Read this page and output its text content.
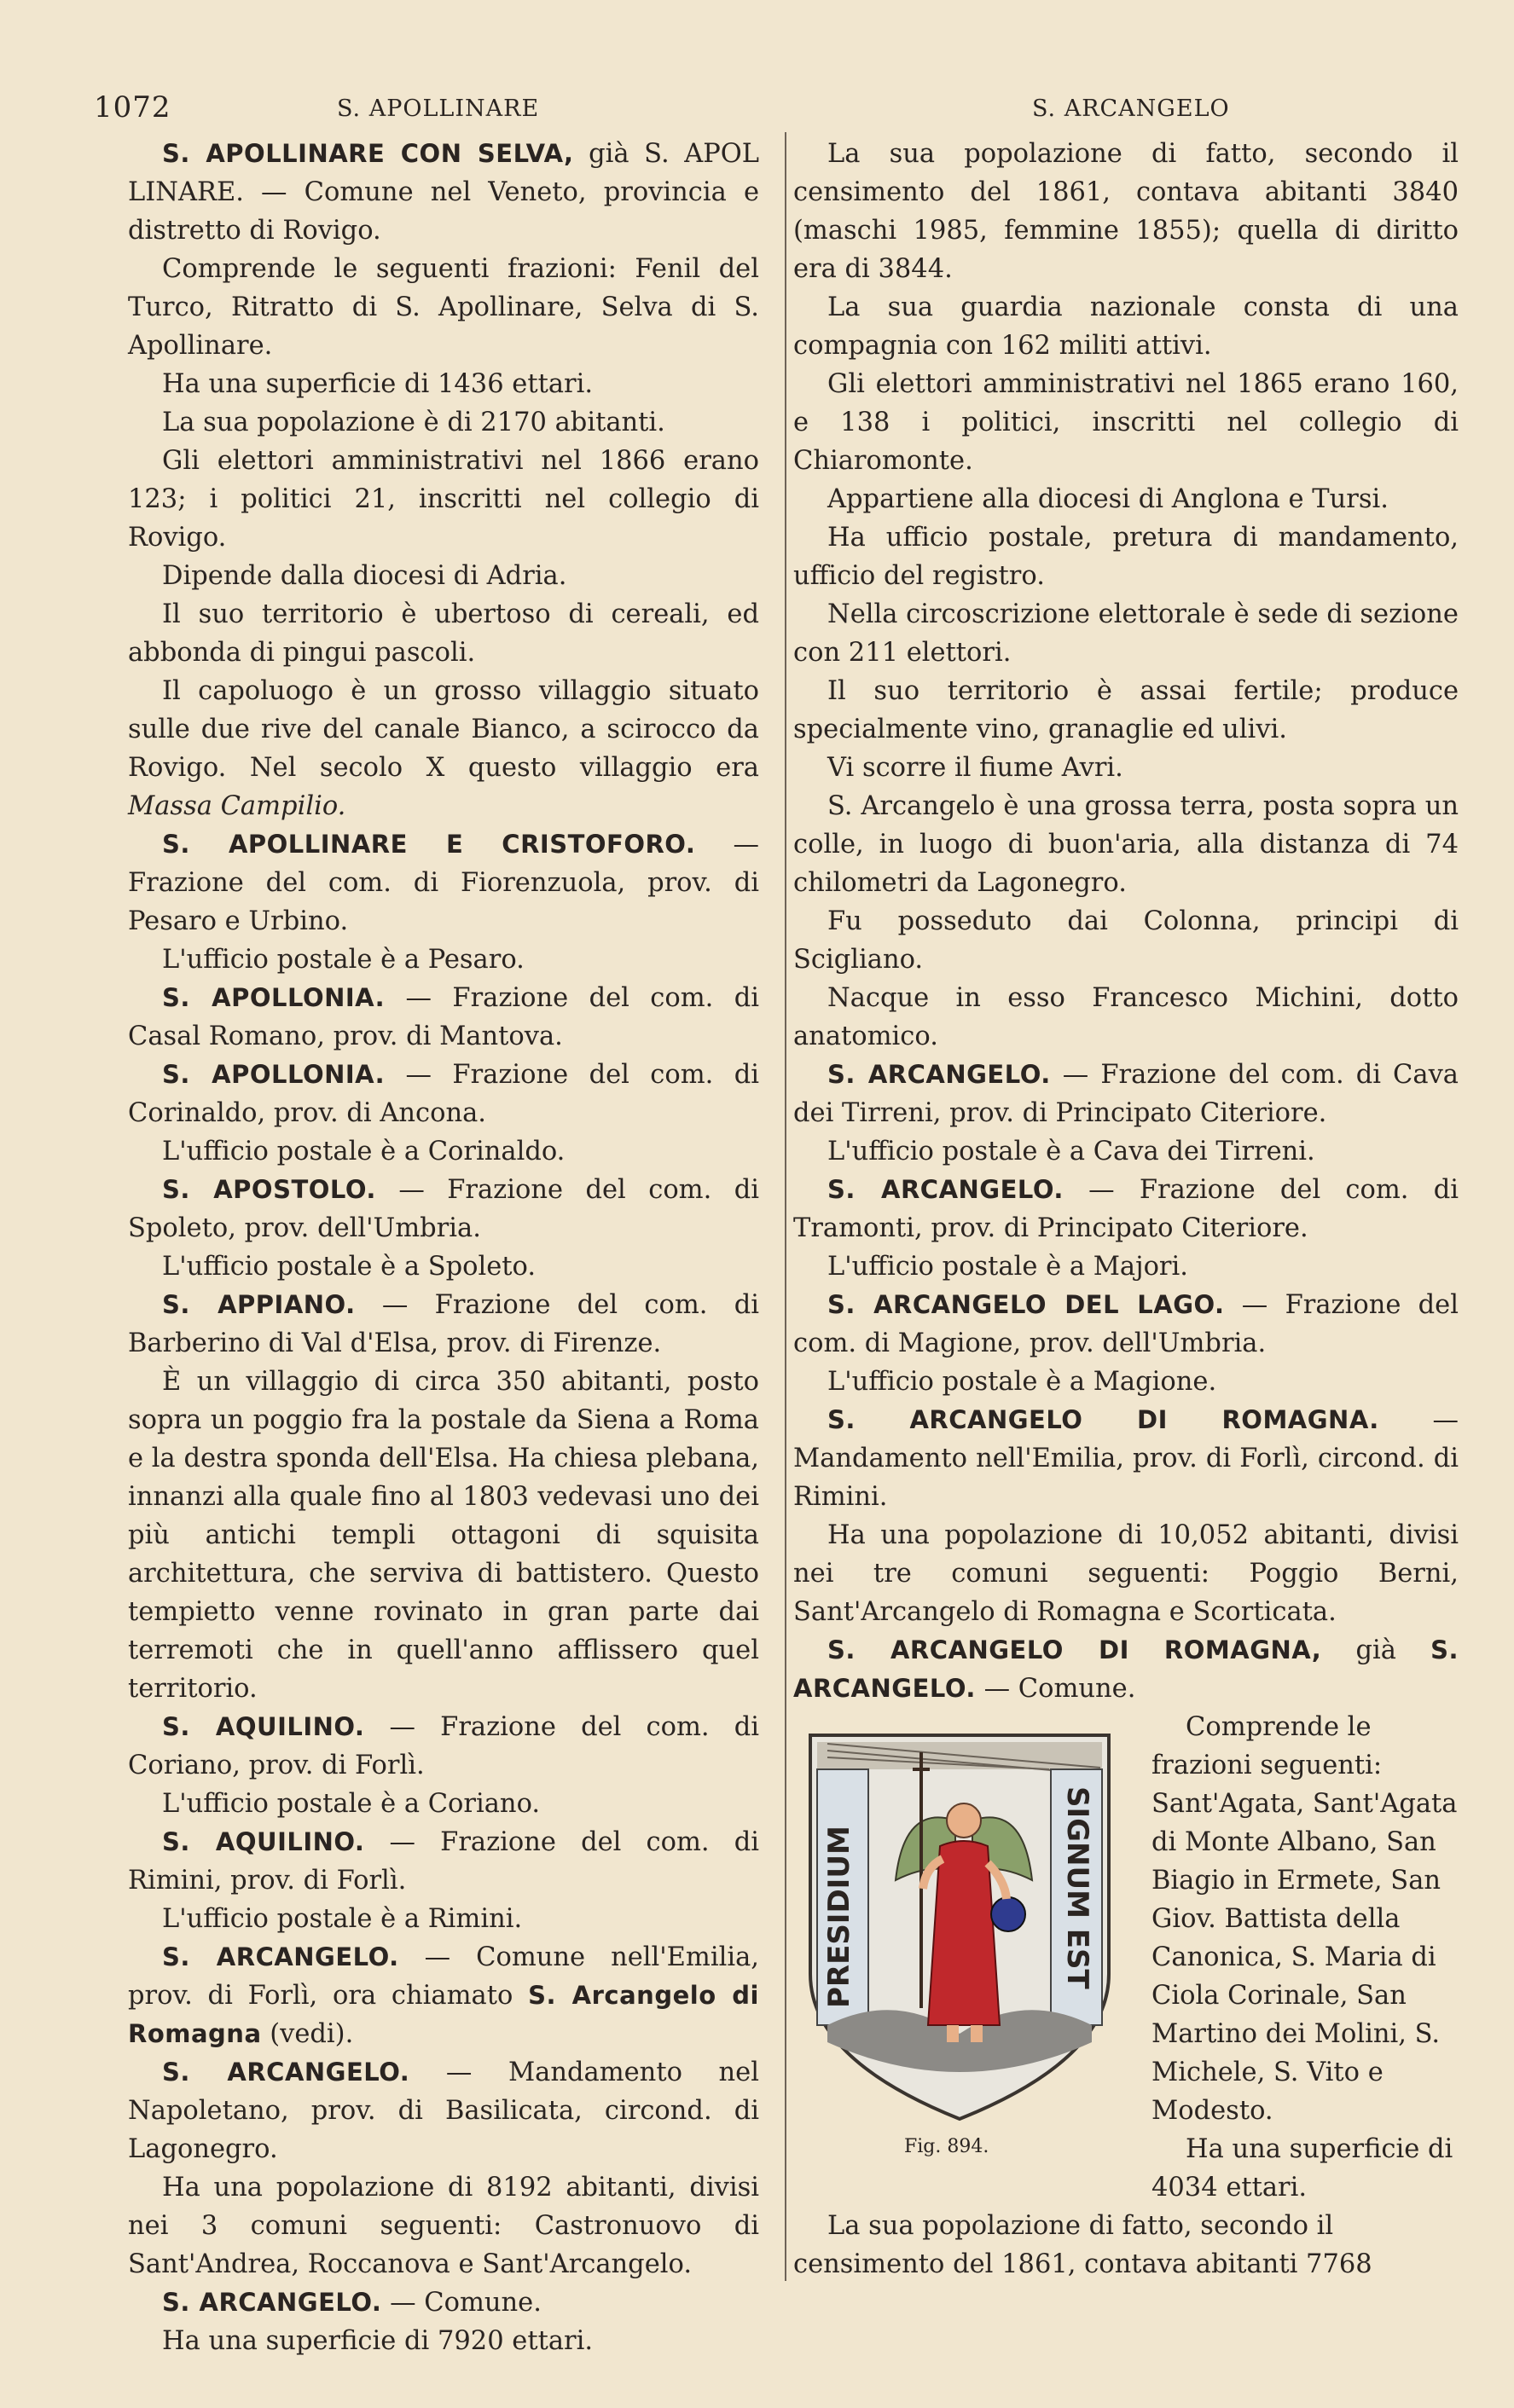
1072	S. APOLLINARE	S. ARCANGELO

S. APOLLINARE CON SELVA, già S. APOL LINARE. — Comune nel Veneto, provincia e distretto di Rovigo.

Comprende le seguenti frazioni: Fenil del Turco, Ritratto di S. Apollinare, Selva di S. Apollinare.

Ha una superficie di 1436 ettari.

La sua popolazione è di 2170 abitanti.

Gli elettori amministrativi nel 1866 erano 123; i politici 21, inscritti nel collegio di Rovigo.

Dipende dalla diocesi di Adria.

Il suo territorio è ubertoso di cereali, ed abbonda di pingui pascoli.

Il capoluogo è un grosso villaggio situato sulle due rive del canale Bianco, a scirocco da Rovigo. Nel secolo X questo villaggio era Massa Campilio.

S. APOLLINARE E CRISTOFORO. — Frazione del com. di Fiorenzuola, prov. di Pesaro e Urbino.

L'ufficio postale è a Pesaro.

S. APOLLONIA. — Frazione del com. di Casal Romano, prov. di Mantova.

S. APOLLONIA. — Frazione del com. di Corinaldo, prov. di Ancona.

L'ufficio postale è a Corinaldo.

S. APOSTOLO. — Frazione del com. di Spoleto, prov. dell'Umbria.

L'ufficio postale è a Spoleto.

S. APPIANO. — Frazione del com. di Barberino di Val d'Elsa, prov. di Firenze.

È un villaggio di circa 350 abitanti, posto sopra un poggio fra la postale da Siena a Roma e la destra sponda dell'Elsa. Ha chiesa plebana, innanzi alla quale fino al 1803 vedevasi uno dei più antichi templi ottagoni di squisita architettura, che serviva di battistero. Questo tempietto venne rovinato in gran parte dai terremoti che in quell'anno afflissero quel territorio.

S. AQUILINO. — Frazione del com. di Coriano, prov. di Forlì.

L'ufficio postale è a Coriano.

S. AQUILINO. — Frazione del com. di Rimini, prov. di Forlì.

L'ufficio postale è a Rimini.

S. ARCANGELO. — Comune nell'Emilia, prov. di Forlì, ora chiamato S. Arcangelo di Romagna (vedi).

S. ARCANGELO. — Mandamento nel Napoletano, prov. di Basilicata, circond. di Lagonegro.

Ha una popolazione di 8192 abitanti, divisi nei 3 comuni seguenti: Castronuovo di Sant'Andrea, Roccanova e Sant'Arcangelo.

S. ARCANGELO. — Comune.

Ha una superficie di 7920 ettari.

La sua popolazione di fatto, secondo il censimento del 1861, contava abitanti 3840 (maschi 1985, femmine 1855); quella di diritto era di 3844.

La sua guardia nazionale consta di una compagnia con 162 militi attivi.

Gli elettori amministrativi nel 1865 erano 160, e 138 i politici, inscritti nel collegio di Chiaromonte.

Appartiene alla diocesi di Anglona e Tursi.

Ha ufficio postale, pretura di mandamento, ufficio del registro.

Nella circoscrizione elettorale è sede di sezione con 211 elettori.

Il suo territorio è assai fertile; produce specialmente vino, granaglie ed ulivi.

Vi scorre il fiume Avri.

S. Arcangelo è una grossa terra, posta sopra un colle, in luogo di buon'aria, alla distanza di 74 chilometri da Lagonegro.

Fu posseduto dai Colonna, principi di Scigliano.

Nacque in esso Francesco Michini, dotto anatomico.

S. ARCANGELO. — Frazione del com. di Cava dei Tirreni, prov. di Principato Citeriore.

L'ufficio postale è a Cava dei Tirreni.

S. ARCANGELO. — Frazione del com. di Tramonti, prov. di Principato Citeriore.

L'ufficio postale è a Majori.

S. ARCANGELO DEL LAGO. — Frazione del com. di Magione, prov. dell'Umbria.

L'ufficio postale è a Magione.

S. ARCANGELO DI ROMAGNA. — Mandamento nell'Emilia, prov. di Forlì, circond. di Rimini.

Ha una popolazione di 10,052 abitanti, divisi nei tre comuni seguenti: Poggio Berni, Sant'Arcangelo di Romagna e Scorticata.

S. ARCANGELO DI ROMAGNA, già S. ARCANGELO. — Comune.

PRESIDIUM	SIGNUM EST
Fig. 894.

Comprende le frazioni seguenti: Sant'Agata, Sant'Agata di Monte Albano, San Biagio in Ermete, San Giov. Battista della Canonica, S. Maria di Ciola Corinale, San Martino dei Molini, S. Michele, S. Vito e Modesto.

Ha una superficie di 4034 ettari.

La sua popolazione di fatto, secondo il censimento del 1861, contava abitanti 7768
